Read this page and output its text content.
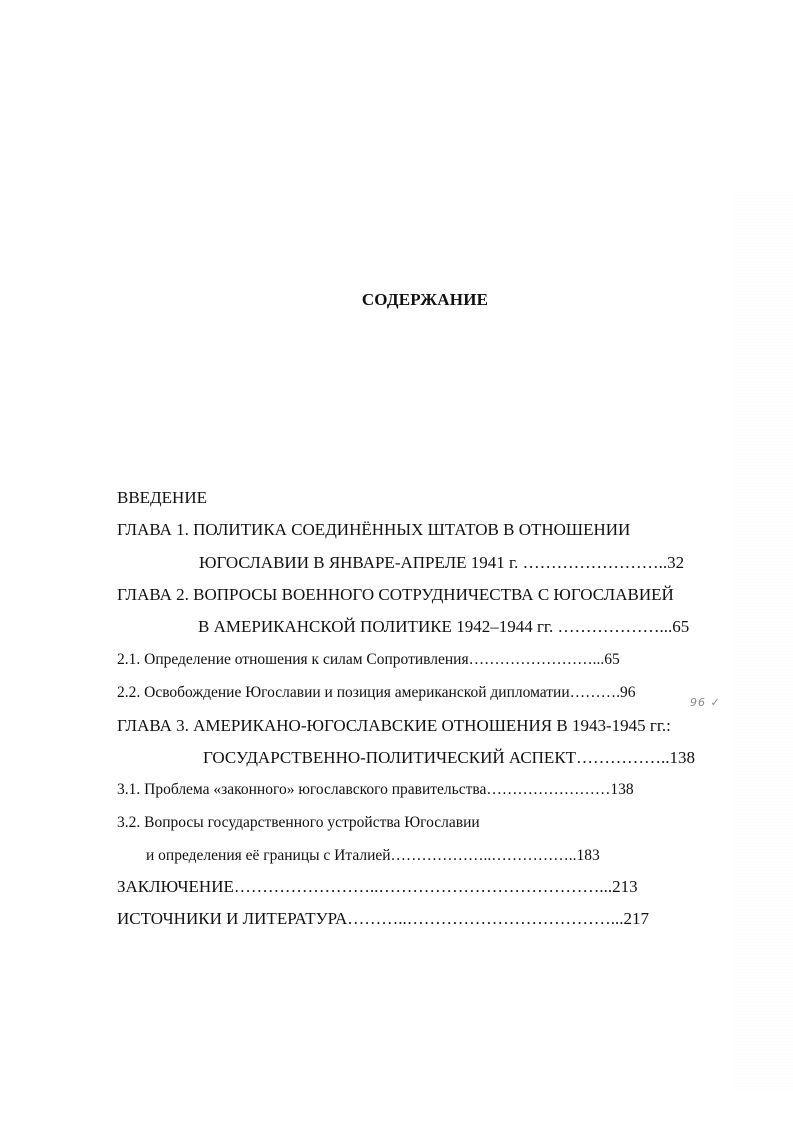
СОДЕРЖАНИЕ
ВВЕДЕНИЕ
ГЛАВА 1. ПОЛИТИКА СОЕДИНЁННЫХ ШТАТОВ В ОТНОШЕНИИ
ЮГОСЛАВИИ В ЯНВАРЕ-АПРЕЛЕ 1941 г. ……………………..32
ГЛАВА 2. ВОПРОСЫ ВОЕННОГО СОТРУДНИЧЕСТВА С ЮГОСЛАВИЕЙ
В АМЕРИКАНСКОЙ ПОЛИТИКЕ 1942–1944 гг. ………………...65
2.1. Определение отношения к силам Сопротивления……………………...65
2.2. Освобождение Югославии и позиция американской дипломатии……….96
ГЛАВА 3. АМЕРИКАНО-ЮГОСЛАВСКИЕ ОТНОШЕНИЯ В 1943-1945 гг.:
ГОСУДАРСТВЕННО-ПОЛИТИЧЕСКИЙ АСПЕКТ……………..138
3.1. Проблема «законного» югославского правительства……………………138
3.2. Вопросы государственного устройства Югославии
и определения её границы с Италией………………..……………..183
ЗАКЛЮЧЕНИЕ……………………..…………………………………...213
ИСТОЧНИКИ И ЛИТЕРАТУРА………..………………………………...217
96 ✓
